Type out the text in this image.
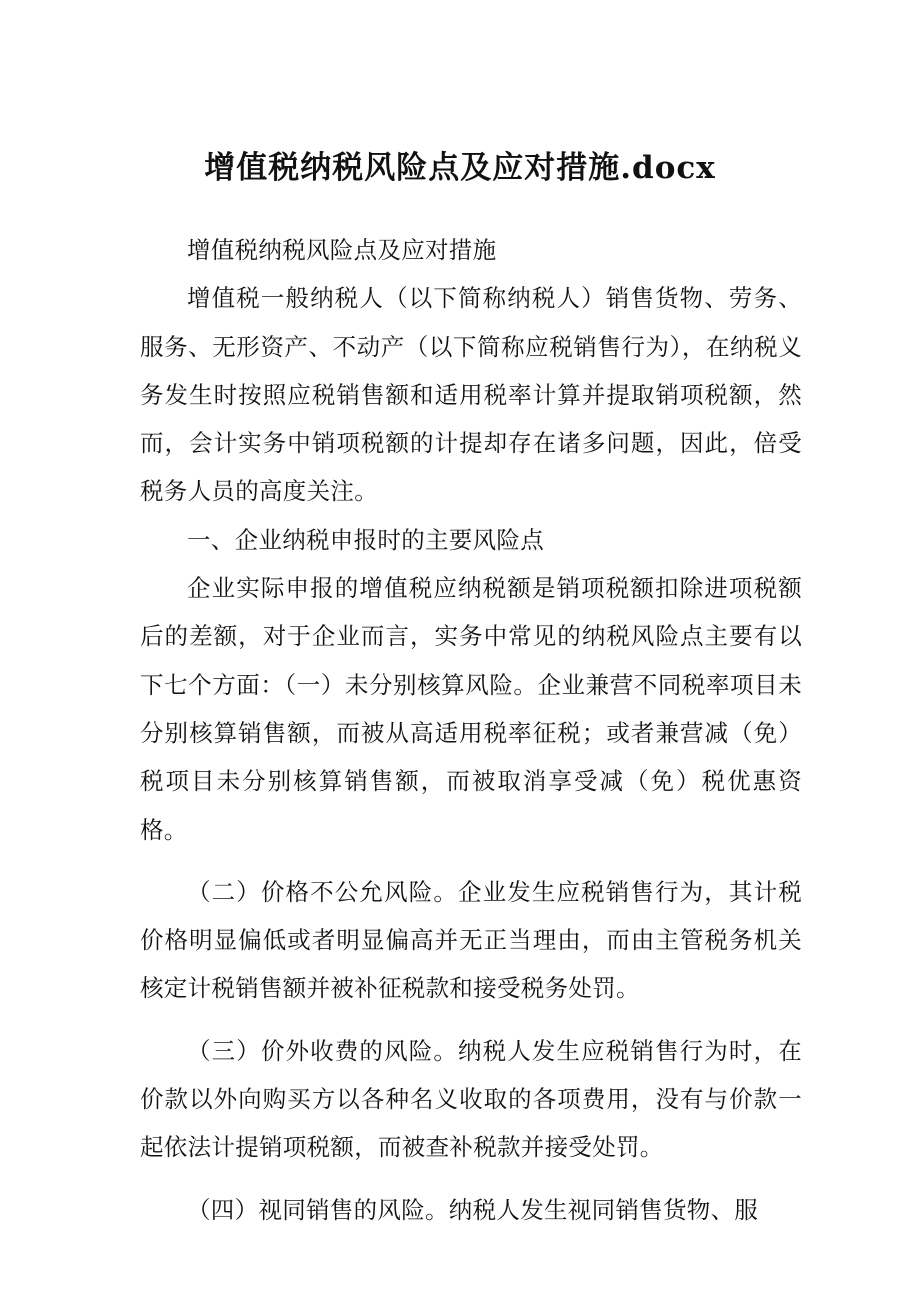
增值税纳税风险点及应对措施.docx

增值税纳税风险点及应对措施

增值税一般纳税人（以下简称纳税人）销售货物、劳务、服务、无形资产、不动产（以下简称应税销售行为），在纳税义务发生时按照应税销售额和适用税率计算并提取销项税额，然而，会计实务中销项税额的计提却存在诸多问题，因此，倍受税务人员的高度关注。

一、企业纳税申报时的主要风险点

企业实际申报的增值税应纳税额是销项税额扣除进项税额后的差额，对于企业而言，实务中常见的纳税风险点主要有以下七个方面：（一）未分别核算风险。企业兼营不同税率项目未分别核算销售额，而被从高适用税率征税；或者兼营减（免）税项目未分别核算销售额，而被取消享受减（免）税优惠资格。

（二）价格不公允风险。企业发生应税销售行为，其计税价格明显偏低或者明显偏高并无正当理由，而由主管税务机关核定计税销售额并被补征税款和接受税务处罚。

（三）价外收费的风险。纳税人发生应税销售行为时，在价款以外向购买方以各种名义收取的各项费用，没有与价款一起依法计提销项税额，而被查补税款并接受处罚。

（四）视同销售的风险。纳税人发生视同销售货物、服
